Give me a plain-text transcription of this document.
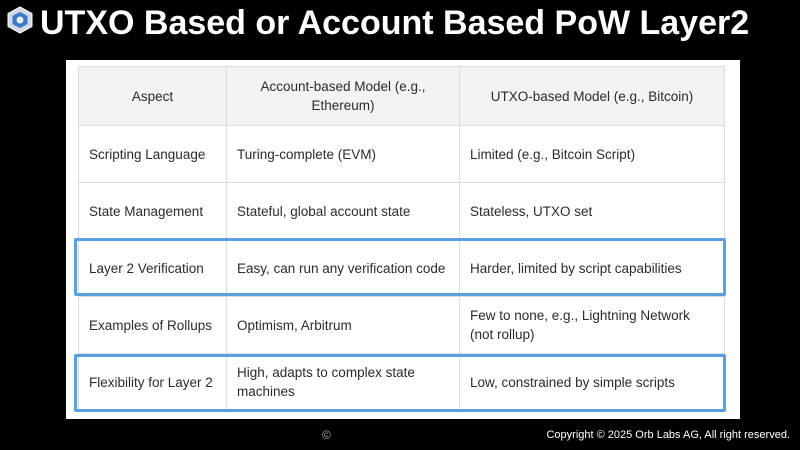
UTXO Based or Account Based PoW Layer2
Aspect	Account-based Model (e.g., Ethereum)	UTXO-based Model (e.g., Bitcoin)
Scripting Language	Turing-complete (EVM)	Limited (e.g., Bitcoin Script)
State Management	Stateful, global account state	Stateless, UTXO set
Layer 2 Verification	Easy, can run any verification code	Harder, limited by script capabilities
Examples of Rollups	Optimism, Arbitrum	Few to none, e.g., Lightning Network (not rollup)
Flexibility for Layer 2	High, adapts to complex state machines	Low, constrained by simple scripts
©	Copyright © 2025 Orb Labs AG, All right reserved.
